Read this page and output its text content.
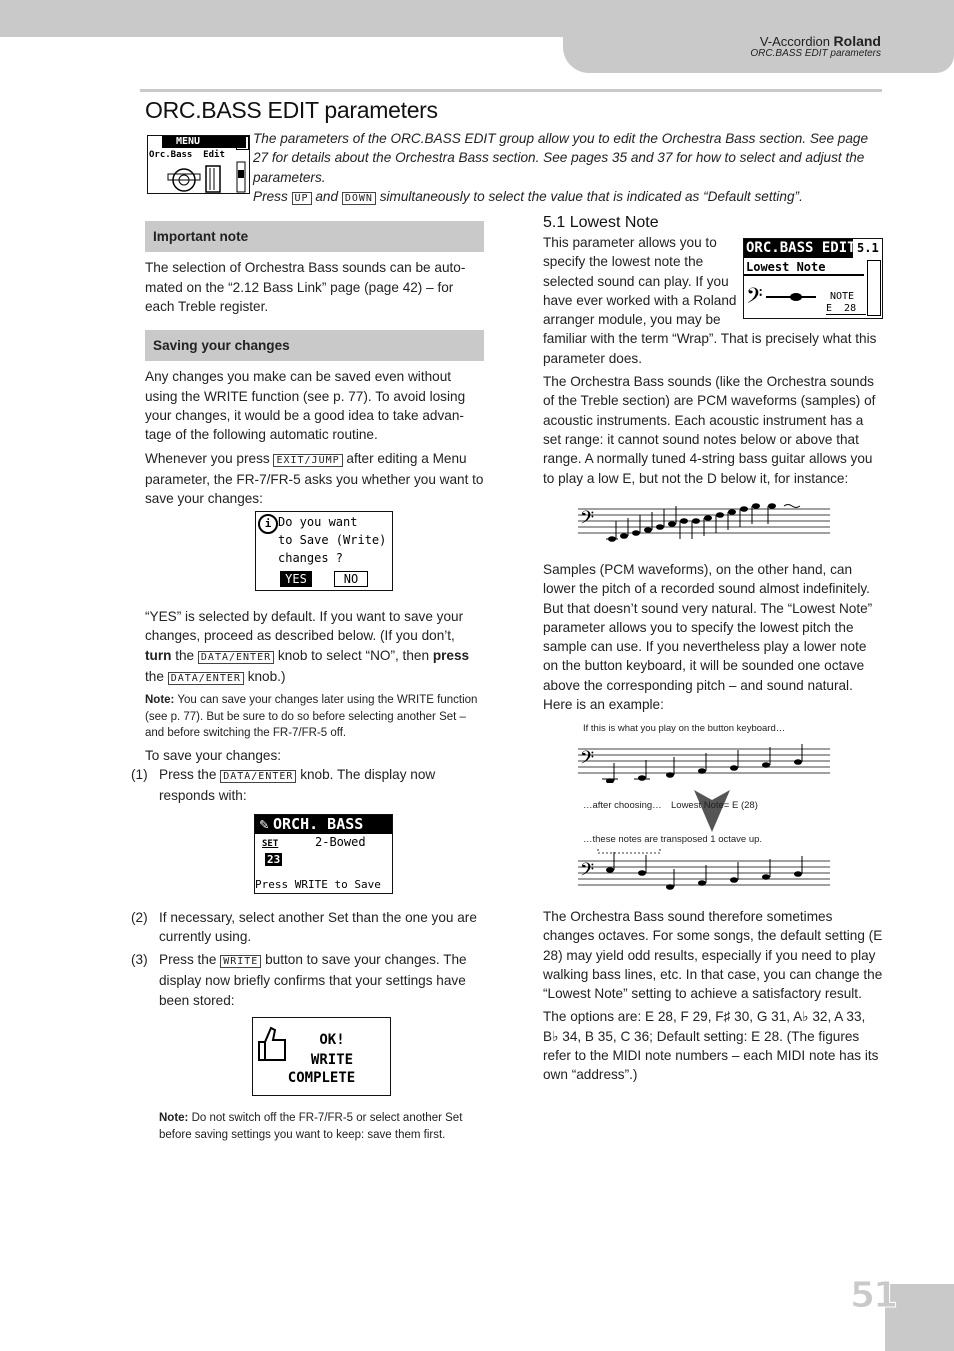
V-Accordion Roland
ORC.BASS EDIT parameters
ORC.BASS EDIT parameters
MENU	5
Orc.Bass  Edit
The parameters of the ORC.BASS EDIT group allow you to edit the Orchestra Bass section. See page 27 for details about the Orchestra Bass section. See pages 35 and 37 for how to select and adjust the parameters.
Press UP and DOWN simultaneously to select the value that is indicated as “Default setting”.
Important note

The selection of Orchestra Bass sounds can be auto-mated on the “2.12 Bass Link” page (page 42) – for each Treble register.

Saving your changes

Any changes you make can be saved even without using the WRITE function (see p. 77). To avoid losing your changes, it would be a good idea to take advan-tage of the following automatic routine.

Whenever you press EXIT/JUMP after editing a Menu parameter, the FR-7/FR-5 asks you whether you want to save your changes:

i Do you want
to Save (Write)
changes ?
YES	NO

“YES” is selected by default. If you want to save your changes, proceed as described below. (If you don’t, turn the DATA/ENTER knob to select “NO”, then press the DATA/ENTER knob.)

Note: You can save your changes later using the WRITE function (see p. 77). But be sure to do so before selecting another Set – and before switching the FR-7/FR-5 off.

To save your changes:

(1) Press the DATA/ENTER knob. The display now responds with:
✎ ORCH. BASS
SET	2-Bowed
23
Press WRITE to Save
(2) If necessary, select another Set than the one you are currently using.
(3) Press the WRITE button to save your changes. The display now briefly confirms that your settings have been stored:
OK!
WRITE
COMPLETE
Note: Do not switch off the FR-7/FR-5 or select another Set before saving settings you want to keep: save them first.
5.1 Lowest Note
ORC.BASS EDIT 5.1
Lowest Note
𝄢	NOTE
E  28

This parameter allows you to specify the lowest note the selected sound can play. If you have ever worked with a Roland arranger module, you may be familiar with the term “Wrap”. That is precisely what this parameter does.

The Orchestra Bass sounds (like the Orchestra sounds of the Treble section) are PCM waveforms (samples) of acoustic instruments. Each acoustic instrument has a set range: it cannot sound notes below or above that range. A normally tuned 4-string bass guitar allows you to play a low E, but not the D below it, for instance:

𝄢
Samples (PCM waveforms), on the other hand, can lower the pitch of a recorded sound almost indefinitely. But that doesn’t sound very natural. The “Lowest Note” parameter allows you to specify the lowest pitch the sample can use. If you nevertheless play a lower note on the button keyboard, it will be sounded one octave above the corresponding pitch – and sound natural. Here is an example:
If this is what you play on the button keyboard…
𝄢
…after choosing… Lowest Note= E (28)
…these notes are transposed 1 octave up.
𝄢

The Orchestra Bass sound therefore sometimes changes octaves. For some songs, the default setting (E 28) may yield odd results, especially if you need to play walking bass lines, etc. In that case, you can change the “Lowest Note” setting to achieve a satisfactory result.

The options are: E 28, F 29, F♯ 30, G 31, A♭ 32, A 33, B♭ 34, B 35, C 36; Default setting: E 28. (The figures refer to the MIDI note numbers – each MIDI note has its own “address”.)

51
